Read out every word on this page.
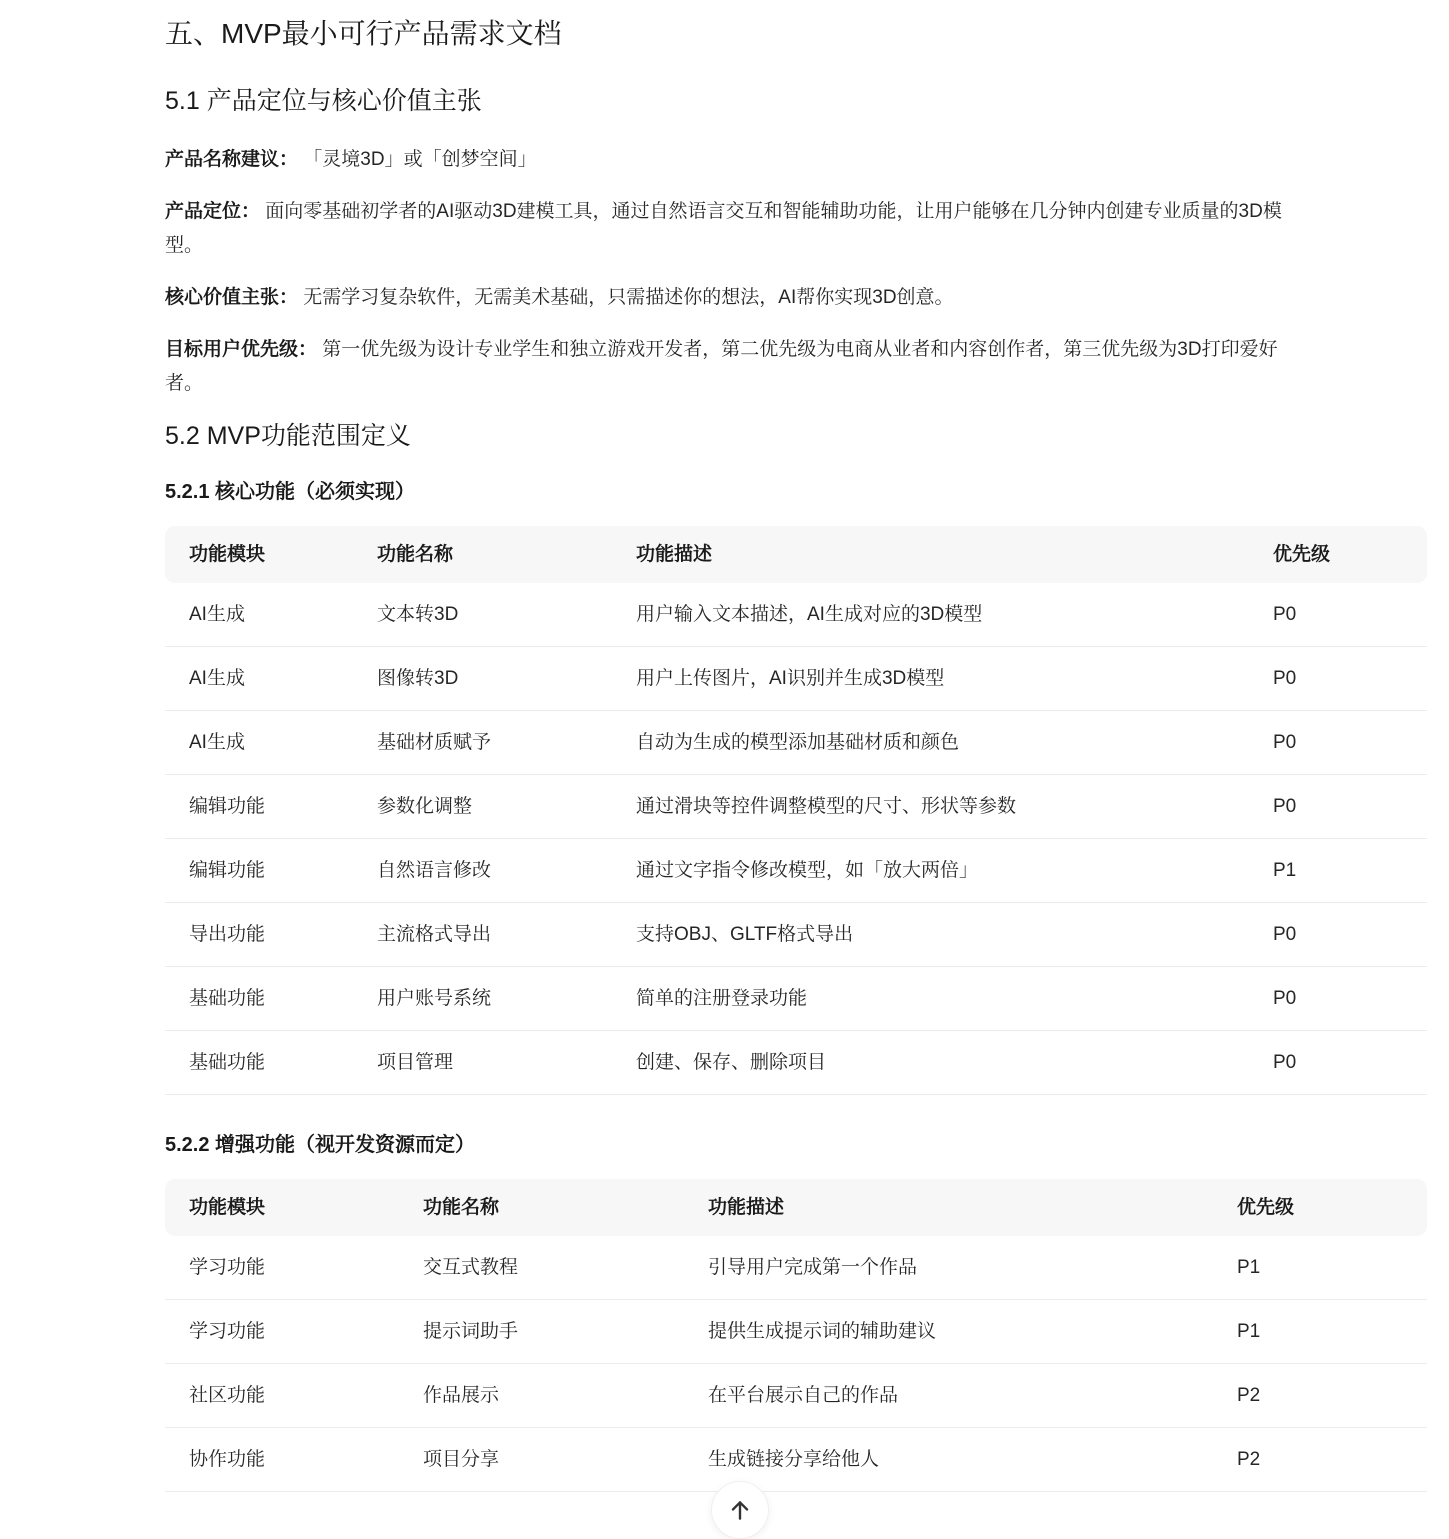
五、MVP最小可行产品需求文档
5.1 产品定位与核心价值主张

产品名称建议： 「灵境3D」或「创梦空间」

产品定位： 面向零基础初学者的AI驱动3D建模工具，通过自然语言交互和智能辅助功能，让用户能够在几分钟内创建专业质量的3D模型。

核心价值主张： 无需学习复杂软件，无需美术基础，只需描述你的想法，AI帮你实现3D创意。

目标用户优先级： 第一优先级为设计专业学生和独立游戏开发者，第二优先级为电商从业者和内容创作者，第三优先级为3D打印爱好者。

5.2 MVP功能范围定义
5.2.1 核心功能（必须实现）
功能模块	功能名称	功能描述	优先级
AI生成	文本转3D	用户输入文本描述，AI生成对应的3D模型	P0
AI生成	图像转3D	用户上传图片，AI识别并生成3D模型	P0
AI生成	基础材质赋予	自动为生成的模型添加基础材质和颜色	P0
编辑功能	参数化调整	通过滑块等控件调整模型的尺寸、形状等参数	P0
编辑功能	自然语言修改	通过文字指令修改模型，如「放大两倍」	P1
导出功能	主流格式导出	支持OBJ、GLTF格式导出	P0
基础功能	用户账号系统	简单的注册登录功能	P0
基础功能	项目管理	创建、保存、删除项目	P0
5.2.2 增强功能（视开发资源而定）
功能模块	功能名称	功能描述	优先级
学习功能	交互式教程	引导用户完成第一个作品	P1
学习功能	提示词助手	提供生成提示词的辅助建议	P1
社区功能	作品展示	在平台展示自己的作品	P2
协作功能	项目分享	生成链接分享给他人	P2
